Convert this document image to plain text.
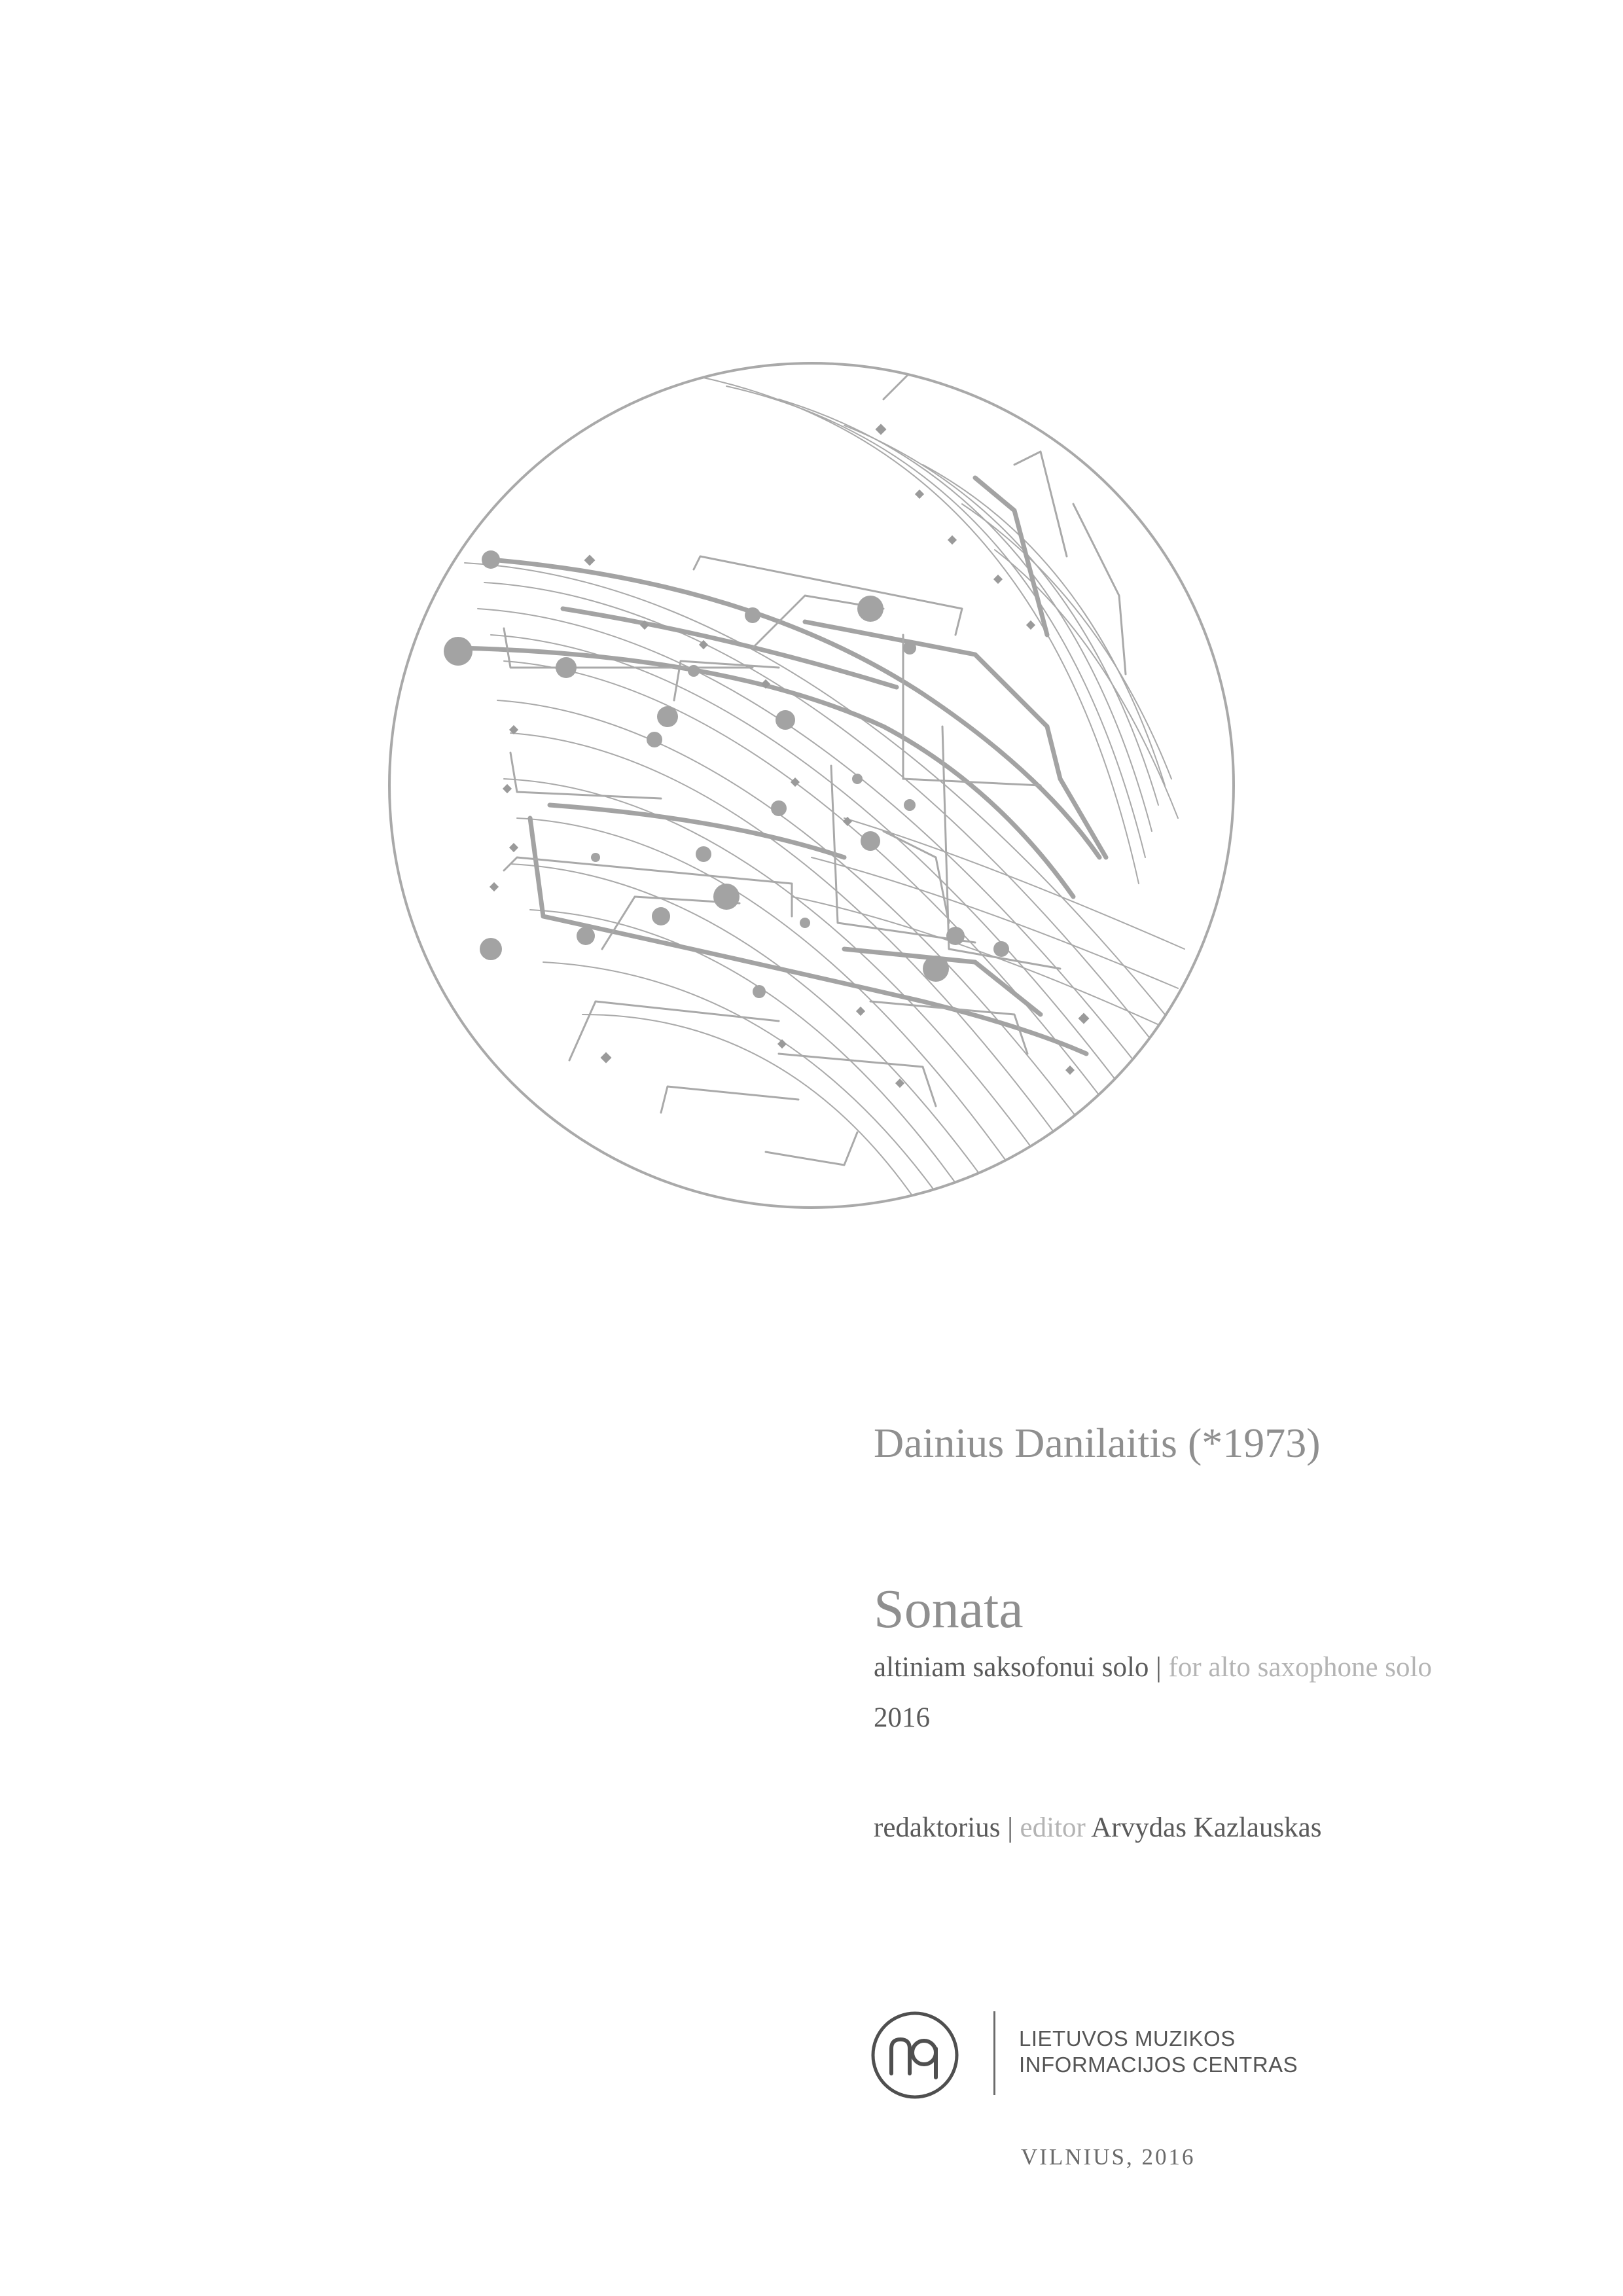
Dainius Danilaitis (*1973)
Sonata
altiniam saksofonui solo | for alto saxophone solo
2016
redaktorius | editor Arvydas Kazlauskas
LIETUVOS MUZIKOS
INFORMACIJOS CENTRAS
VILNIUS, 2016
